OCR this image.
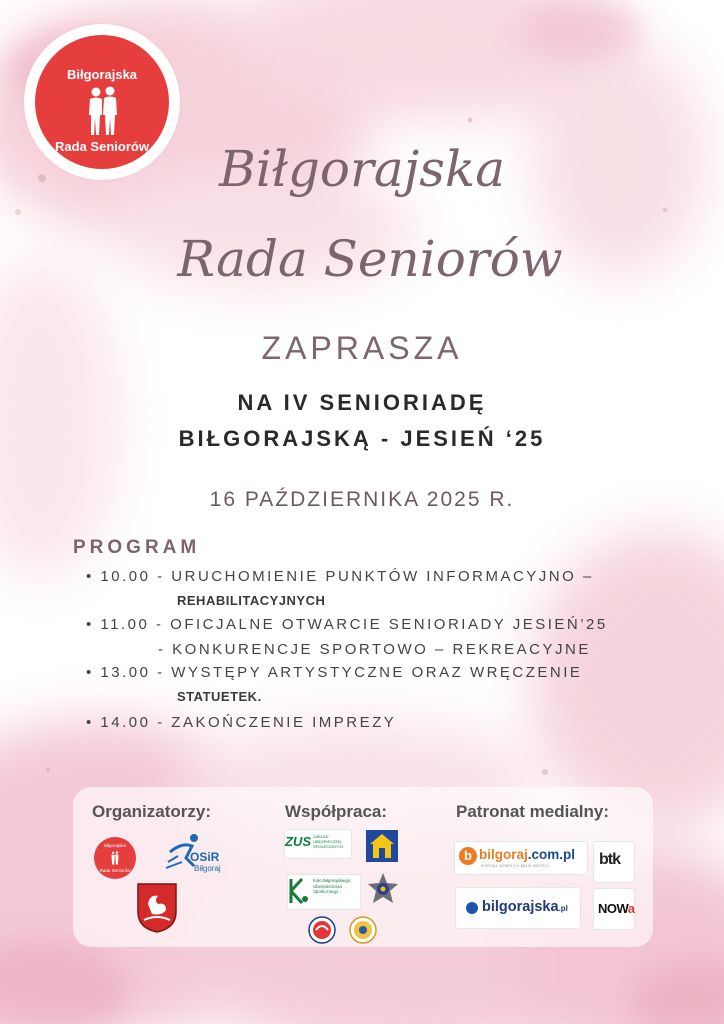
Biłgorajska
Rada Seniorów	Biłgorajska
Rada Seniorów
ZAPRASZA
NA IV SENIORIADĘ
BIŁGORAJSKĄ - JESIEŃ ‘25
16 PAŹDZIERNIKA 2025 R.
PROGRAM
• 10.00 - URUCHOMIENIE PUNKTÓW INFORMACYJNO –
REHABILITACYJNYCH
• 11.00 - OFICJALNE OTWARCIE SENIORIADY JESIEŃ’25
- KONKURENCJE SPORTOWO – REKREACYJNE
• 13.00 - WYSTĘPY ARTYSTYCZNE ORAZ WRĘCZENIE
STATUETEK.
• 14.00 - ZAKOŃCZENIE IMPREZY
Organizatorzy:	Współpraca:	Patronat medialny:
Biłgorajska
Rada Seniorów
OSiR
Biłgoraj
ZUS ZAKŁAD UBEZPIECZEŃ SPOŁECZNYCH
Koło Biłgorajskiego Ubezpieczenia Społecznego
b bilgoraj.com.pl
PORTAL NOWYCH MOŻLIWOŚCI	btk
bilgorajska.pl NOWa
